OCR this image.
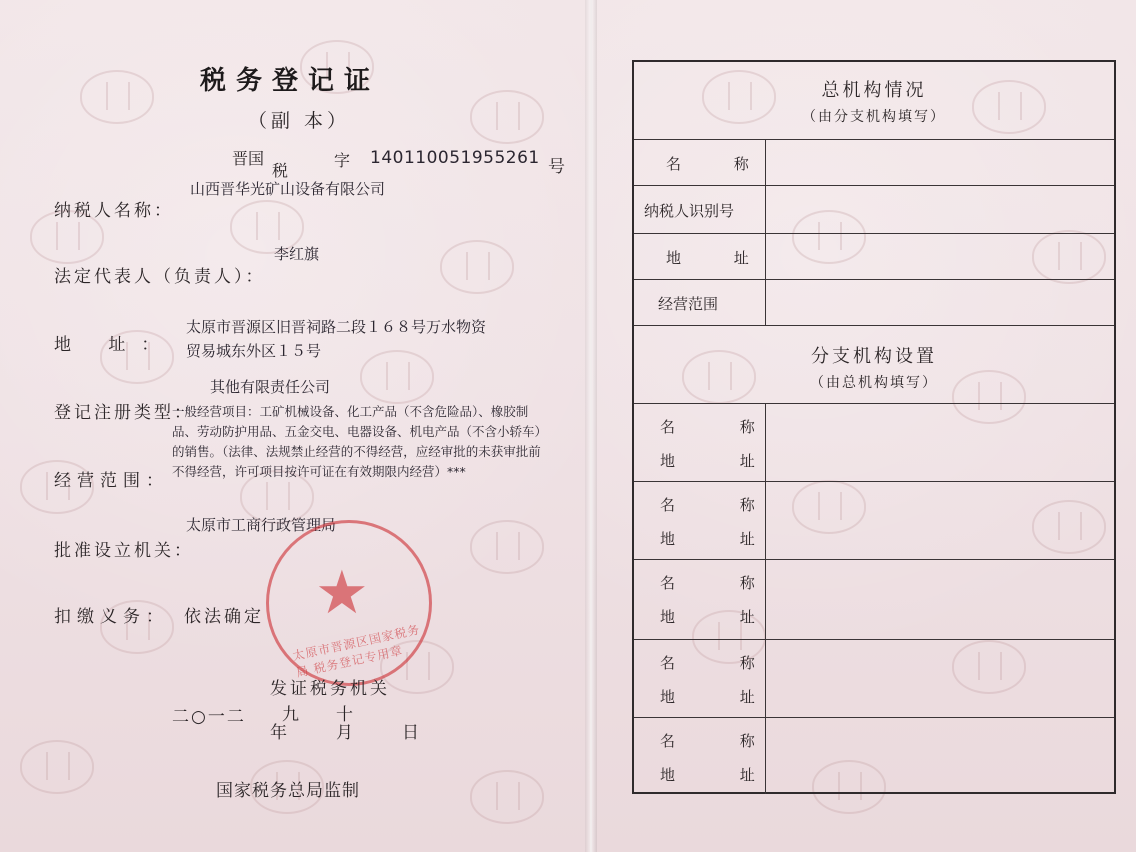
税务登记证
（副 本）
晋国
税
字 140110051955261 号
山西晋华光矿山设备有限公司
纳税人名称：
李红旗
法定代表人（负责人）：
太原市晋源区旧晋祠路二段１６８号万水物资
地 址： 贸易城东外区１５号
其他有限责任公司
登记注册类型：
一般经营项目：工矿机械设备、化工产品（不含危险品）、橡胶制品、劳动防护用品、五金交电、电器设备、机电产品（不含小轿车）的销售。（法律、法规禁止经营的不得经营，应经审批的未获审批前不得经营，许可项目按许可证在有效期限内经营）***
经营范围：
太原市工商行政管理局
批准设立机关：
扣缴义务： 依法确定 ★
太原市晋源区国家税务局 税务登记专用章
发证税务机关
二○一二
年
九
月
十
日
国家税务总局监制
总机构情况
（由分支机构填写）
名 称
纳税人识别号
地 址
经营范围
分支机构设置
（由总机构填写）
名 称
地 址
名 称
地 址
名 称
地 址
名 称
地 址
名 称
地 址
